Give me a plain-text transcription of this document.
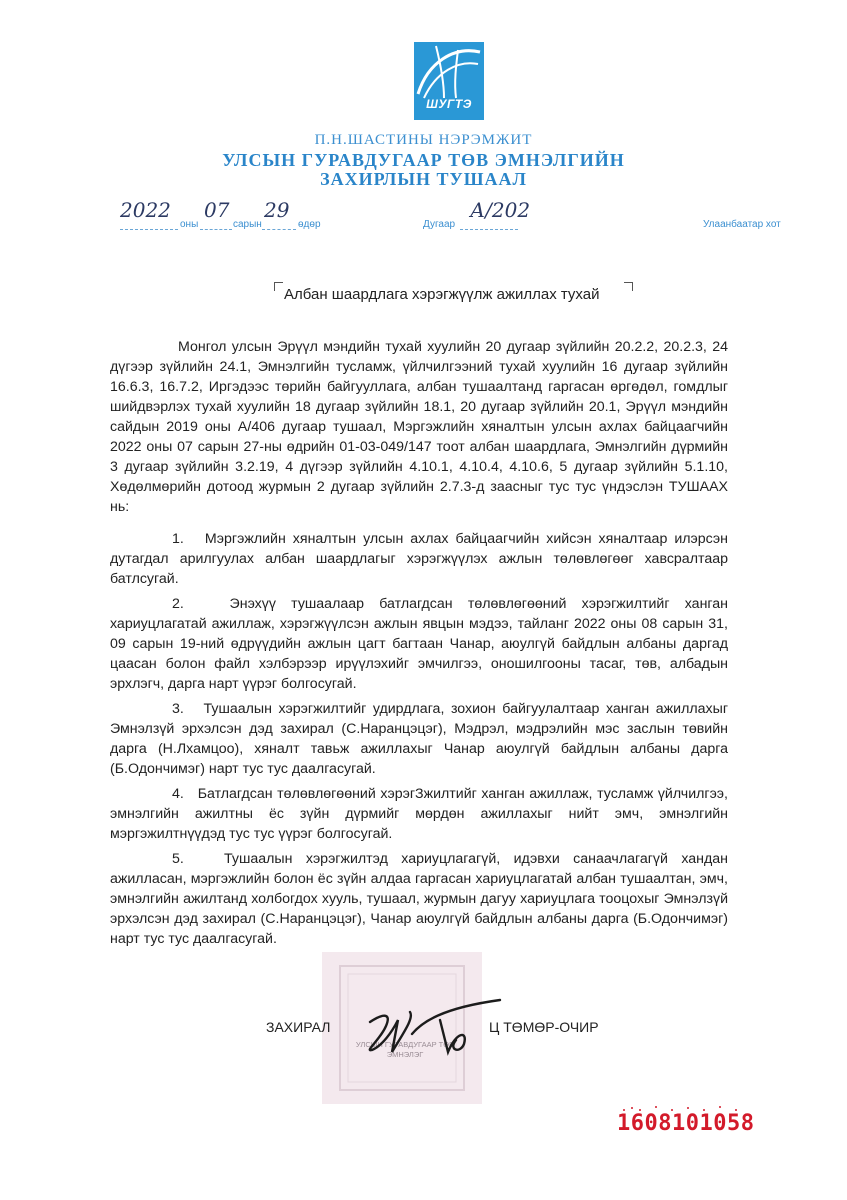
ШУГТЭ
П.Н.ШАСТИНЫ НЭРЭМЖИТ
УЛСЫН ГУРАВДУГААР ТӨВ ЭМНЭЛГИЙН
ЗАХИРЛЫН ТУШААЛ
2022
оны
07
сарын
29
өдөр	Дугаар
А/202
Улаанбаатар хот
Албан шаардлага хэрэгжүүлж ажиллах тухай

Монгол улсын Эрүүл мэндийн тухай хуулийн 20 дугаар зүйлийн 20.2.2, 20.2.3, 24 дүгээр зүйлийн 24.1, Эмнэлгийн тусламж, үйлчилгээний тухай хуулийн 16 дугаар зүйлийн 16.6.3, 16.7.2, Иргэдээс төрийн байгууллага, албан тушаалтанд гаргасан өргөдөл, гомдлыг шийдвэрлэх тухай хуулийн 18 дугаар зүйлийн 18.1, 20 дугаар зүйлийн 20.1, Эрүүл мэндийн сайдын 2019 оны А/406 дугаар тушаал, Мэргэжлийн хяналтын улсын ахлах байцаагчийн 2022 оны 07 сарын 27-ны өдрийн 01-03-049/147 тоот албан шаардлага, Эмнэлгийн дүрмийн 3 дугаар зүйлийн 3.2.19, 4 дүгээр зүйлийн 4.10.1, 4.10.4, 4.10.6, 5 дугаар зүйлийн 5.1.10, Хөдөлмөрийн дотоод журмын 2 дугаар зүйлийн 2.7.3-д заасныг тус тус үндэслэн ТУШААХ нь:

1.   Мэргэжлийн хяналтын улсын ахлах байцаагчийн хийсэн хяналтаар илэрсэн дутагдал арилгуулах албан шаардлагыг хэрэгжүүлэх ажлын төлөвлөгөөг хавсралтаар батлсугай.

2.   Энэхүү тушаалаар батлагдсан төлөвлөгөөний хэрэгжилтийг ханган хариуцлагатай ажиллаж, хэрэгжүүлсэн ажлын явцын мэдээ, тайланг 2022 оны 08 сарын 31, 09 сарын 19-ний өдрүүдийн ажлын цагт багтаан Чанар, аюулгүй байдлын албаны даргад цаасан болон файл хэлбэрээр ирүүлэхийг эмчилгээ, оношилгооны тасаг, төв, албадын эрхлэгч, дарга нарт үүрэг болгосугай.

3.   Тушаалын хэрэгжилтийг удирдлага, зохион байгуулалтаар ханган ажиллахыг Эмнэлзүй эрхэлсэн дэд захирал (С.Наранцэцэг), Мэдрэл, мэдрэлийн мэс заслын төвийн дарга (Н.Лхамцоо), хяналт тавьж ажиллахыг Чанар аюулгүй байдлын албаны дарга (Б.Одончимэг) нарт тус тус даалгасугай.

4.   Батлагдсан төлөвлөгөөний хэрэгЗжилтийг ханган ажиллаж, тусламж үйлчилгээ, эмнэлгийн ажилтны ёс зүйн дүрмийг мөрдөн ажиллахыг нийт эмч, эмнэлгийн мэргэжилтнүүдэд тус тус үүрэг болгосугай.

5.   Тушаалын хэрэгжилтэд хариуцлагагүй, идэвхи санаачлагагүй хандан ажилласан, мэргэжлийн болон ёс зүйн алдаа гаргасан хариуцлагатай албан тушаалтан, эмч, эмнэлгийн ажилтанд холбогдох хууль, тушаал, журмын дагуу хариуцлага тооцохыг Эмнэлзүй эрхэлсэн дэд захирал (С.Наранцэцэг), Чанар аюулгүй байдлын албаны дарга (Б.Одончимэг) нарт тус тус даалгасугай.

УЛСЫН ГУРАВДУГААР ТӨВ
ЭМНЭЛЭГ
ЗАХИРАЛ	Ц ТӨМӨР-ОЧИР
1608101058
